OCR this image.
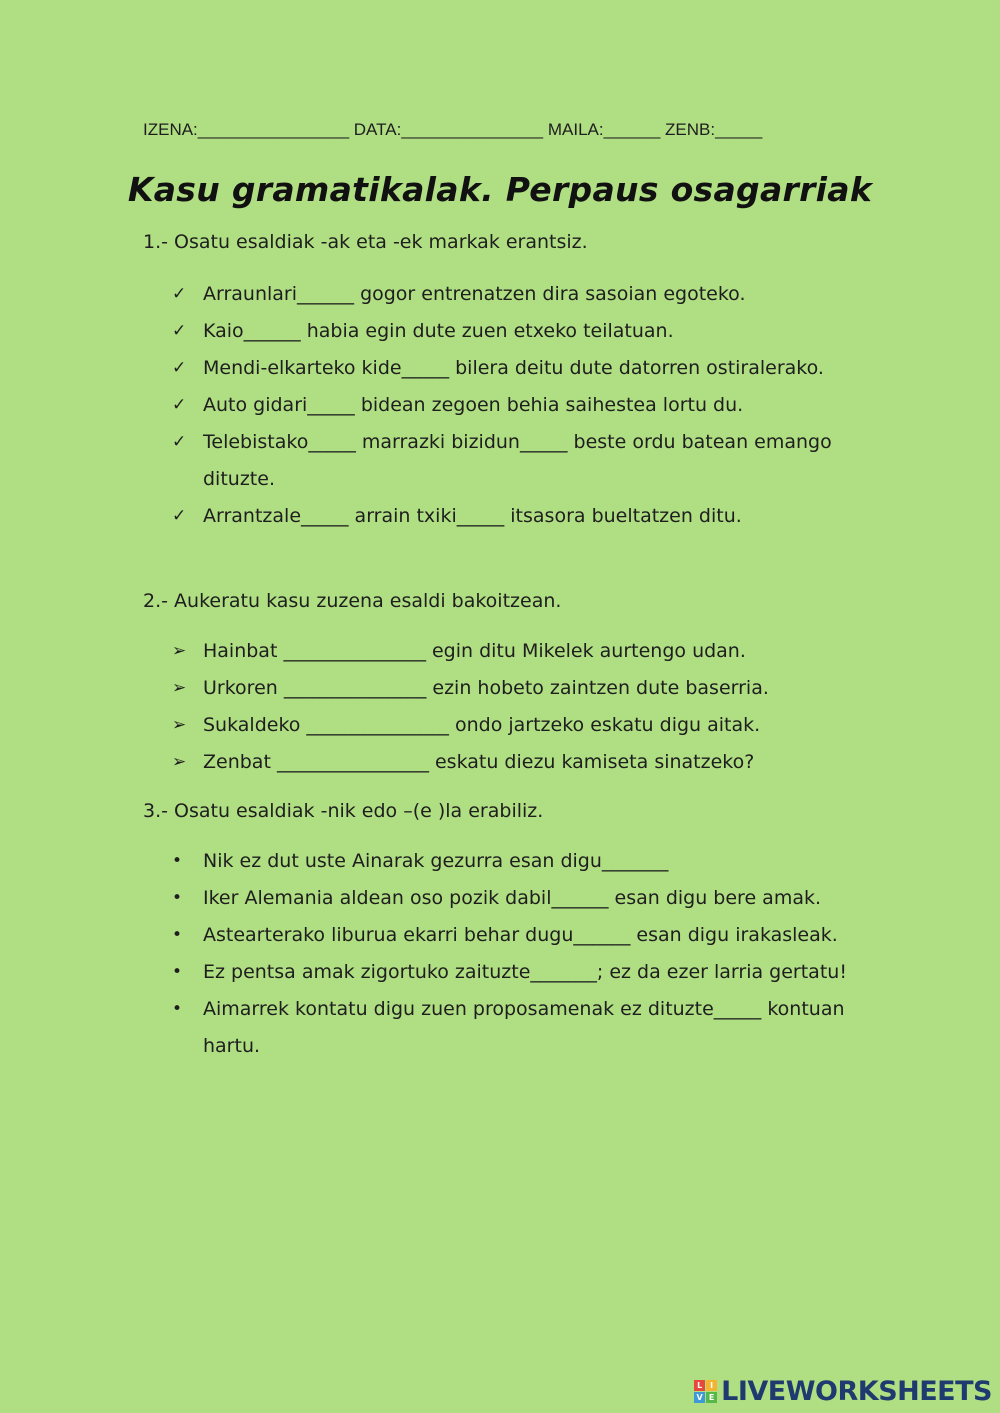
IZENA:________________ DATA:_______________ MAILA:______ ZENB:_____
Kasu gramatikalak. Perpaus osagarriak
1.- Osatu esaldiak -ak eta -ek markak erantsiz.
✓ Arraunlari______ gogor entrenatzen dira sasoian egoteko.
✓ Kaio______ habia egin dute zuen etxeko teilatuan.
✓ Mendi-elkarteko kide_____ bilera deitu dute datorren ostiralerako.
✓ Auto gidari_____ bidean zegoen behia saihestea lortu du.
✓ Telebistako_____ marrazki bizidun_____ beste ordu batean emango dituzte.
✓ Arrantzale_____ arrain txiki_____ itsasora bueltatzen ditu.
2.- Aukeratu kasu zuzena esaldi bakoitzean.
➢ Hainbat _______________ egin ditu Mikelek aurtengo udan.
➢ Urkoren _______________ ezin hobeto zaintzen dute baserria.
➢ Sukaldeko _______________ ondo jartzeko eskatu digu aitak.
➢ Zenbat ________________ eskatu diezu kamiseta sinatzeko?
3.- Osatu esaldiak -nik edo –(e )la erabiliz.
•	Nik ez dut uste Ainarak gezurra esan digu_______
•	Iker Alemania aldean oso pozik dabil______ esan digu bere amak.
•	Astearterako liburua ekarri behar dugu______ esan digu irakasleak.
•	Ez pentsa amak zigortuko zaituzte_______; ez da ezer larria gertatu!
•	Aimarrek kontatu digu zuen proposamenak ez dituzte_____ kontuan hartu.
L I
V E LIVEWORKSHEETS
